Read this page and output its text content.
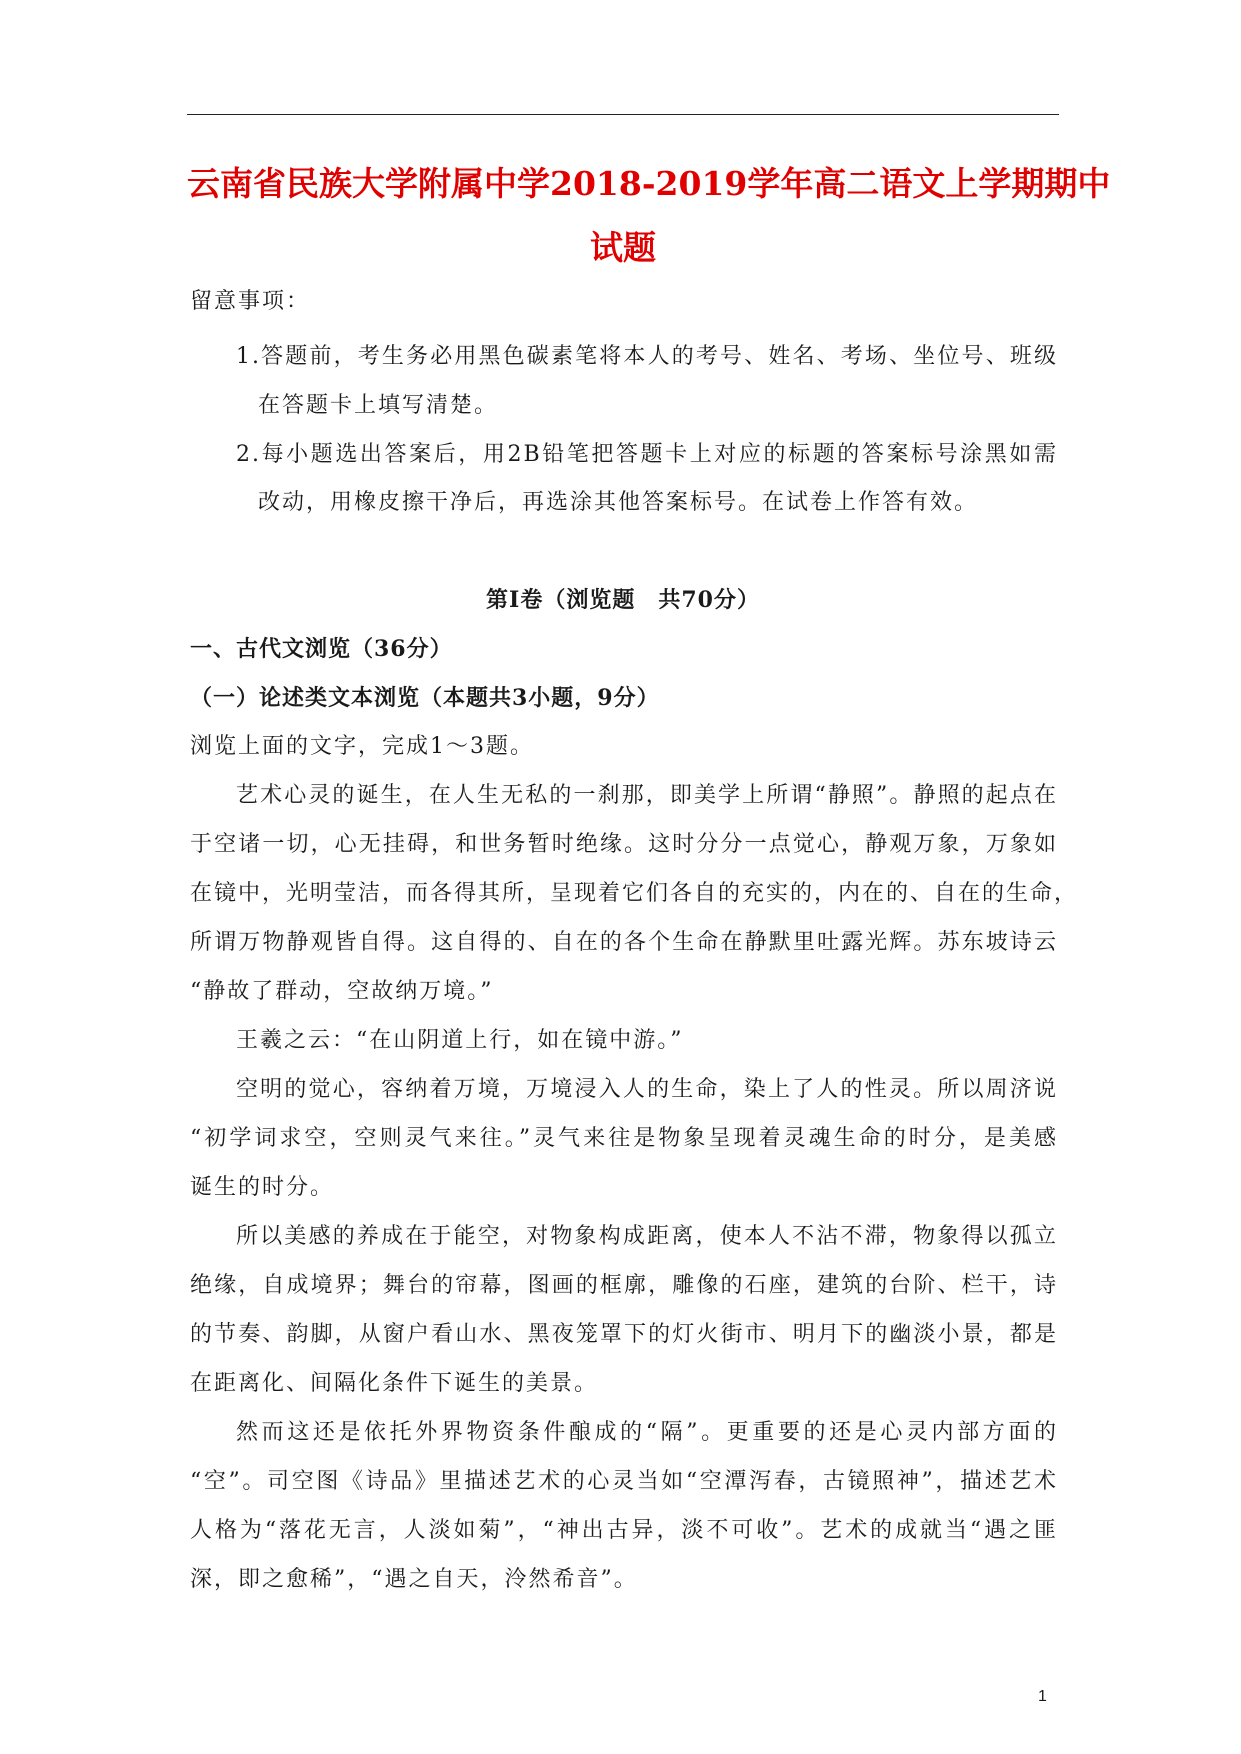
云南省民族大学附属中学2018-2019学年高二语文上学期期中
试题
留意事项：
1.答题前，考生务必用黑色碳素笔将本人的考号、姓名、考场、坐位号、班级
在答题卡上填写清楚。
2.每小题选出答案后，用2B铅笔把答题卡上对应的标题的答案标号涂黑如需
改动，用橡皮擦干净后，再选涂其他答案标号。在试卷上作答有效。
第Ⅰ卷（浏览题　共70分）
一、古代文浏览（36分）
（一）论述类文本浏览（本题共3小题，9分）
浏览上面的文字，完成1～3题。
艺术心灵的诞生，在人生无私的一刹那，即美学上所谓“静照”。静照的起点在
于空诸一切，心无挂碍，和世务暂时绝缘。这时分分一点觉心，静观万象，万象如
在镜中，光明莹洁，而各得其所，呈现着它们各自的充实的，内在的、自在的生命，
所谓万物静观皆自得。这自得的、自在的各个生命在静默里吐露光辉。苏东坡诗云
“静故了群动，空故纳万境。”
王羲之云：“在山阴道上行，如在镜中游。”
空明的觉心，容纳着万境，万境浸入人的生命，染上了人的性灵。所以周济说
“初学词求空，空则灵气来往。”灵气来往是物象呈现着灵魂生命的时分，是美感
诞生的时分。
所以美感的养成在于能空，对物象构成距离，使本人不沾不滞，物象得以孤立
绝缘，自成境界；舞台的帘幕，图画的框廓，雕像的石座，建筑的台阶、栏干，诗
的节奏、韵脚，从窗户看山水、黑夜笼罩下的灯火街市、明月下的幽淡小景，都是
在距离化、间隔化条件下诞生的美景。
然而这还是依托外界物资条件酿成的“隔”。更重要的还是心灵内部方面的
“空”。司空图《诗品》里描述艺术的心灵当如“空潭泻春，古镜照神”，描述艺术
人格为“落花无言，人淡如菊”，“神出古异，淡不可收”。艺术的成就当“遇之匪
深，即之愈稀”，“遇之自天，泠然希音”。
1
